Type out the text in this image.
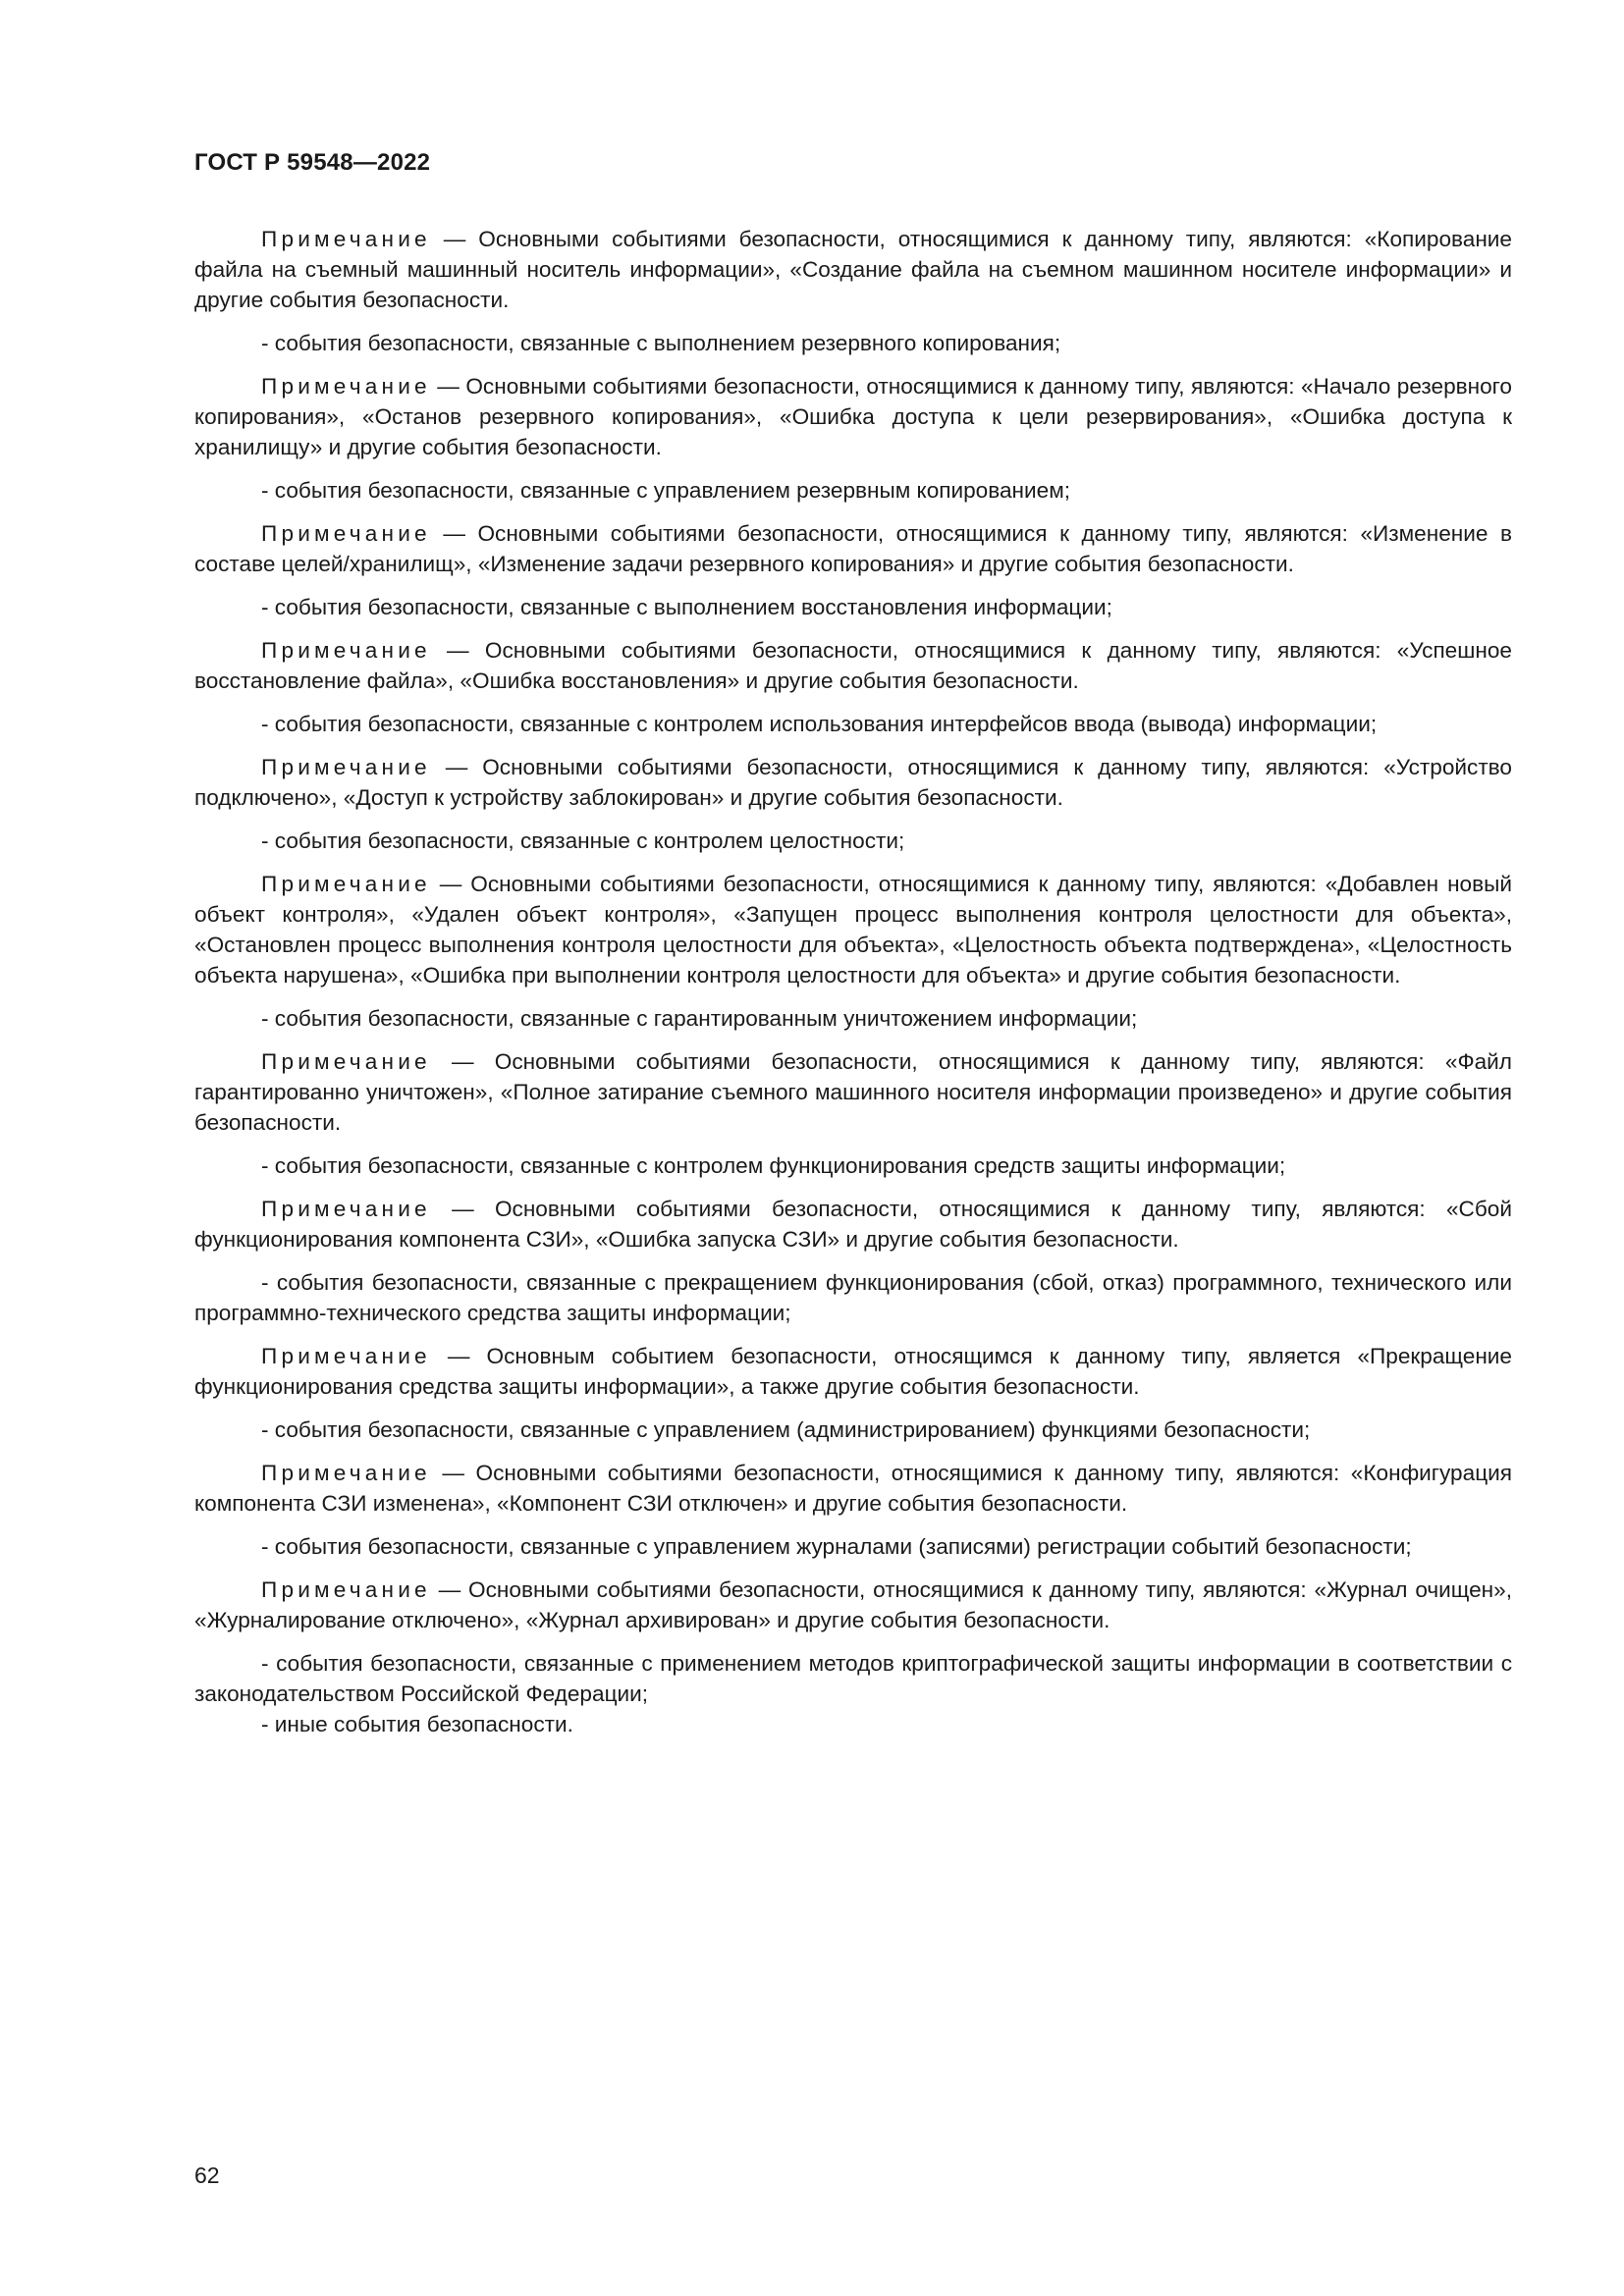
ГОСТ Р 59548—2022

Примечание — Основными событиями безопасности, относящимися к данному типу, являются: «Копирование файла на съемный машинный носитель информации», «Создание файла на съемном машинном носителе информации» и другие события безопасности.

- события безопасности, связанные с выполнением резервного копирования;

Примечание — Основными событиями безопасности, относящимися к данному типу, являются: «Начало резервного копирования», «Останов резервного копирования», «Ошибка доступа к цели резервирования», «Ошибка доступа к хранилищу» и другие события безопасности.

- события безопасности, связанные с управлением резервным копированием;

Примечание — Основными событиями безопасности, относящимися к данному типу, являются: «Изменение в составе целей/хранилищ», «Изменение задачи резервного копирования» и другие события безопасности.

- события безопасности, связанные с выполнением восстановления информации;

Примечание — Основными событиями безопасности, относящимися к данному типу, являются: «Успешное восстановление файла», «Ошибка восстановления» и другие события безопасности.

- события безопасности, связанные с контролем использования интерфейсов ввода (вывода) информации;

Примечание — Основными событиями безопасности, относящимися к данному типу, являются: «Устройство подключено», «Доступ к устройству заблокирован» и другие события безопасности.

- события безопасности, связанные с контролем целостности;

Примечание — Основными событиями безопасности, относящимися к данному типу, являются: «Добавлен новый объект контроля», «Удален объект контроля», «Запущен процесс выполнения контроля целостности для объекта», «Остановлен процесс выполнения контроля целостности для объекта», «Целостность объекта подтверждена», «Целостность объекта нарушена», «Ошибка при выполнении контроля целостности для объекта» и другие события безопасности.

- события безопасности, связанные с гарантированным уничтожением информации;

Примечание — Основными событиями безопасности, относящимися к данному типу, являются: «Файл гарантированно уничтожен», «Полное затирание съемного машинного носителя информации произведено» и другие события безопасности.

- события безопасности, связанные с контролем функционирования средств защиты информации;

Примечание — Основными событиями безопасности, относящимися к данному типу, являются: «Сбой функционирования компонента СЗИ», «Ошибка запуска СЗИ» и другие события безопасности.

- события безопасности, связанные с прекращением функционирования (сбой, отказ) программного, технического или программно-технического средства защиты информации;

Примечание — Основным событием безопасности, относящимся к данному типу, является «Прекращение функционирования средства защиты информации», а также другие события безопасности.

- события безопасности, связанные с управлением (администрированием) функциями безопасности;

Примечание — Основными событиями безопасности, относящимися к данному типу, являются: «Конфигурация компонента СЗИ изменена», «Компонент СЗИ отключен» и другие события безопасности.

- события безопасности, связанные с управлением журналами (записями) регистрации событий безопасности;

Примечание — Основными событиями безопасности, относящимися к данному типу, являются: «Журнал очищен», «Журналирование отключено», «Журнал архивирован» и другие события безопасности.

- события безопасности, связанные с применением методов криптографической защиты информации в соответствии с законодательством Российской Федерации;

- иные события безопасности.

62
